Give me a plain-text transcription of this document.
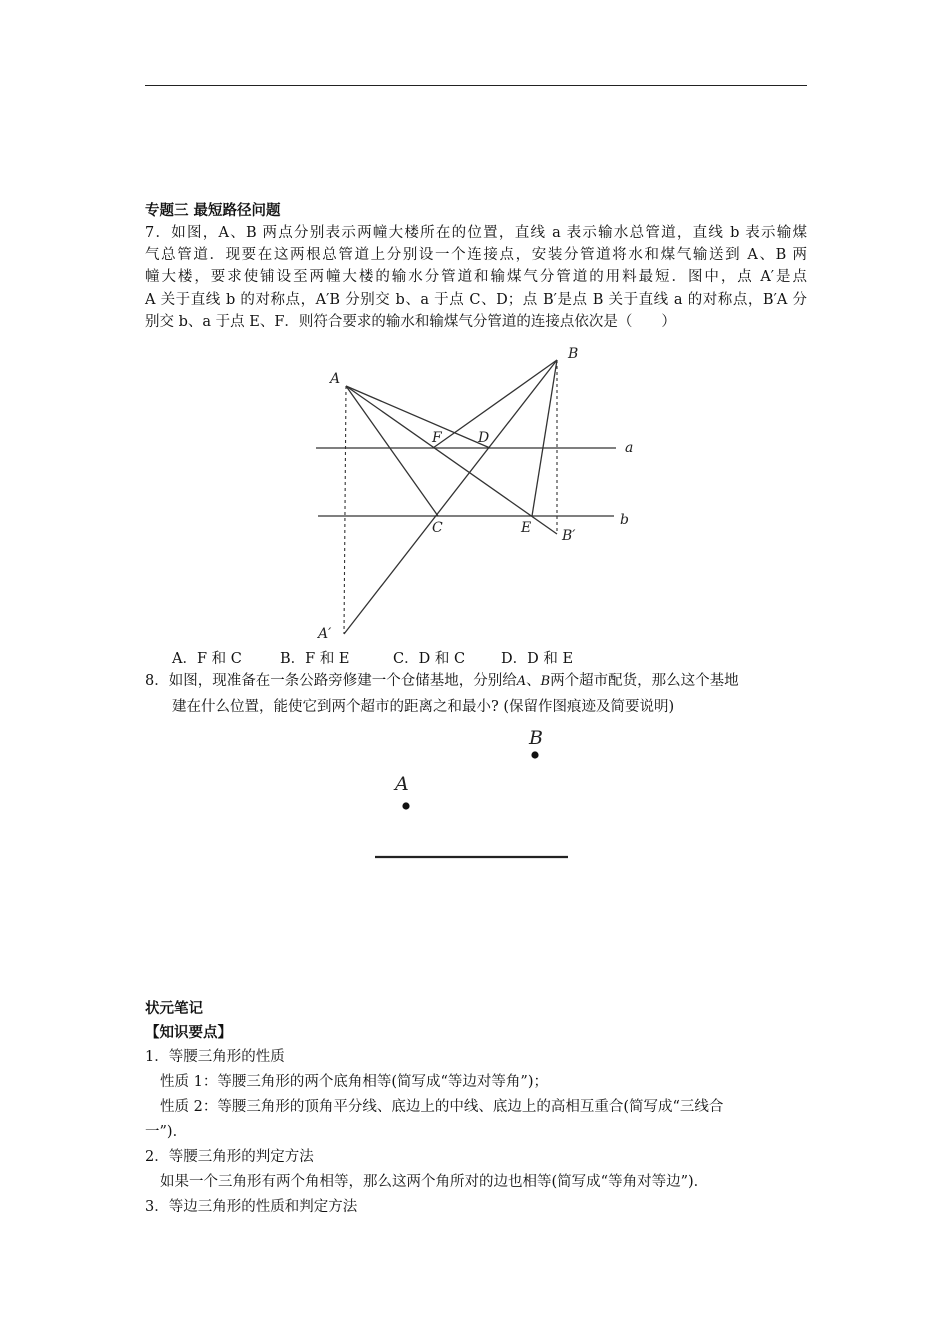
专题三 最短路径问题
7．如图，A、B 两点分别表示两幢大楼所在的位置，直线 a 表示输水总管道，直线 b 表示输煤
气总管道．现要在这两根总管道上分别设一个连接点，安装分管道将水和煤气输送到 A、B 两
幢大楼，要求使铺设至两幢大楼的输水分管道和输煤气分管道的用料最短．图中，点 A′是点
A 关于直线 b 的对称点，A′B 分别交 b、a 于点 C、D；点 B′是点 B 关于直线 a 的对称点，B′A 分
别交 b、a 于点 E、F．则符合要求的输水和输煤气分管道的连接点依次是（　　）
A
B
F	D
a
b
C	E B′
A′
A．F 和 C	B．F 和 E	C．D 和 C D．D 和 E
8．如图，现准备在一条公路旁修建一个仓储基地，分别给A、B两个超市配货，那么这个基地
建在什么位置，能使它到两个超市的距离之和最小? (保留作图痕迹及简要说明)
B
A
状元笔记
【知识要点】
1．等腰三角形的性质
性质 1：等腰三角形的两个底角相等(简写成“等边对等角”)；
性质 2：等腰三角形的顶角平分线、底边上的中线、底边上的高相互重合(简写成“三线合
一”)．
2．等腰三角形的判定方法
如果一个三角形有两个角相等，那么这两个角所对的边也相等(简写成“等角对等边”)．
3．等边三角形的性质和判定方法
